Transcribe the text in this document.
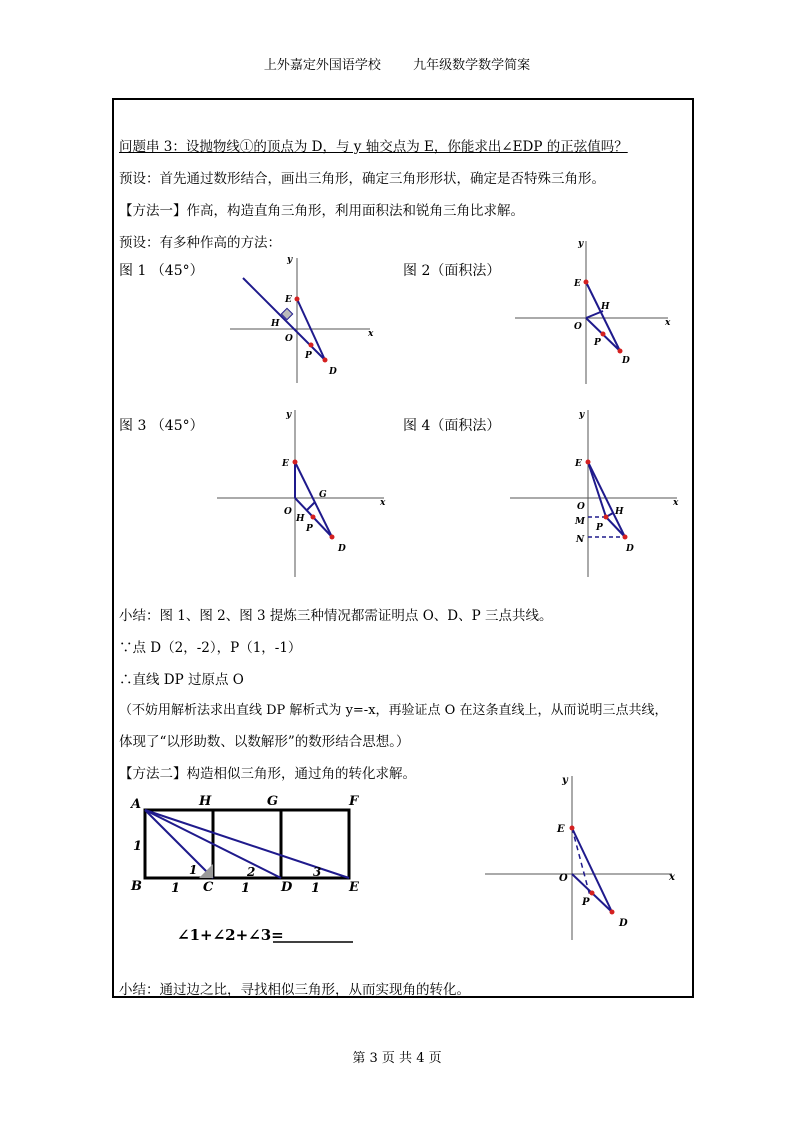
上外嘉定外国语学校 九年级数学数学简案
问题串 3：设抛物线①的顶点为 D，与 y 轴交点为 E，你能求出∠EDP 的正弦值吗？
预设：首先通过数形结合，画出三角形，确定三角形形状，确定是否特殊三角形。
【方法一】作高，构造直角三角形，利用面积法和锐角三角比求解。
预设：有多种作高的方法：
图 1 （45°）	图 2（面积法）
图 3 （45°）	图 4（面积法）
y
x
E
H
O
P
D
y
x
E
H
O
P
D
y
x
E
G
O
H
P
D
y
x
E
O	H
M
P
N
D
小结：图 1、图 2、图 3 提炼三种情况都需证明点 O、D、P 三点共线。
∵点 D（2，-2），P（1，-1）
∴直线 DP 过原点 O
（不妨用解析法求出直线 DP 解析式为 y=-x，再验证点 O 在这条直线上，从而说明三点共线，
体现了“以形助数、以数解形”的数形结合思想。）
【方法二】构造相似三角形，通过角的转化求解。
A	H	G	F
B	C	D	E
1
1	1	1
1	2	3
∠1+∠2+∠3=
y
x
E
O
P
D
小结：通过边之比，寻找相似三角形，从而实现角的转化。
第 3 页 共 4 页
